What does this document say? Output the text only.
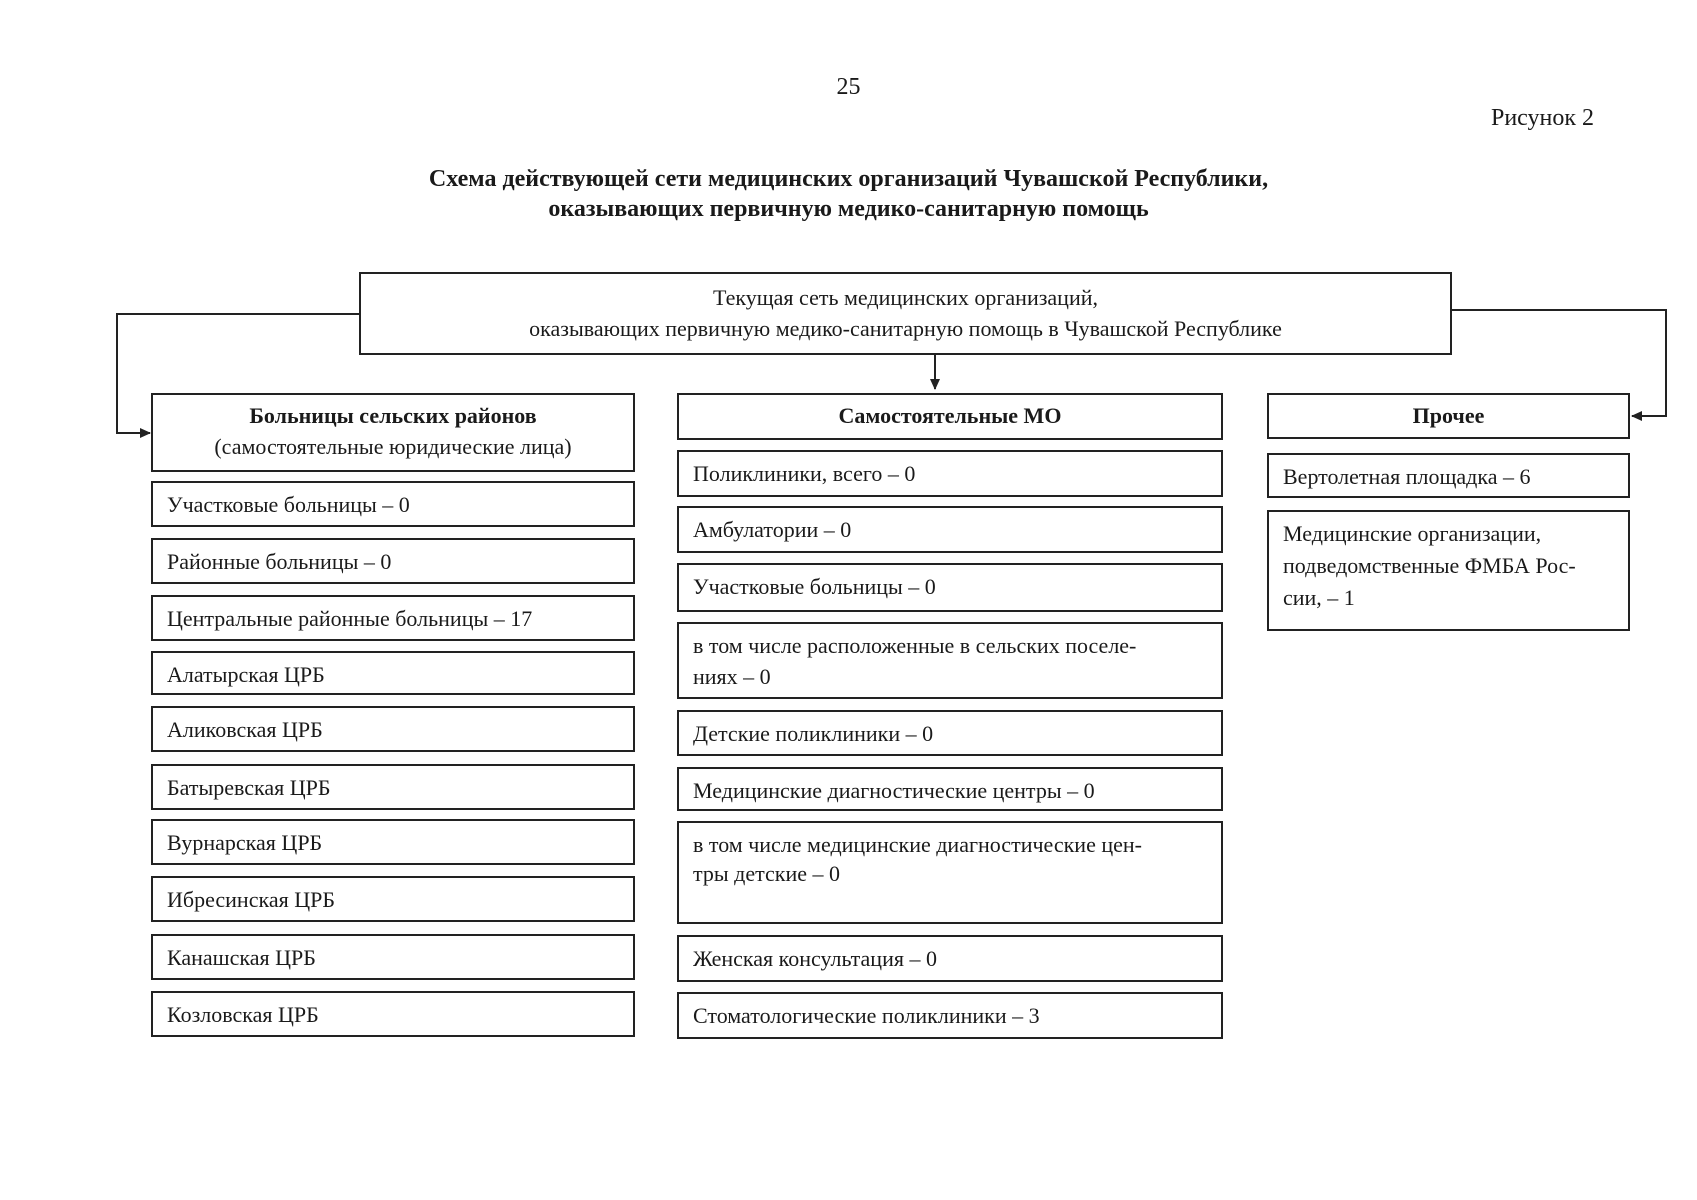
25
Рисунок 2
Схема действующей сети медицинских организаций Чувашской Республики,
оказывающих первичную медико-санитарную помощь
Текущая сеть медицинских организаций,
оказывающих первичную медико-санитарную помощь в Чувашской Республике
Больницы сельских районов
(самостоятельные юридические лица)
Участковые больницы – 0
Районные больницы – 0
Центральные районные больницы – 17
Алатырская ЦРБ
Аликовская ЦРБ
Батыревская ЦРБ
Вурнарская ЦРБ
Ибресинская ЦРБ
Канашская ЦРБ
Козловская ЦРБ
Самостоятельные МО
Поликлиники, всего – 0
Амбулатории – 0
Участковые больницы – 0
в том числе расположенные в сельских поселе-
ниях – 0
Детские поликлиники – 0
Медицинские диагностические центры – 0
в том числе медицинские диагностические цен-
тры детские – 0
Женская консультация – 0
Стоматологические поликлиники – 3
Прочее
Вертолетная площадка – 6
Медицинские организации,
подведомственные ФМБА Рос-
сии, – 1
